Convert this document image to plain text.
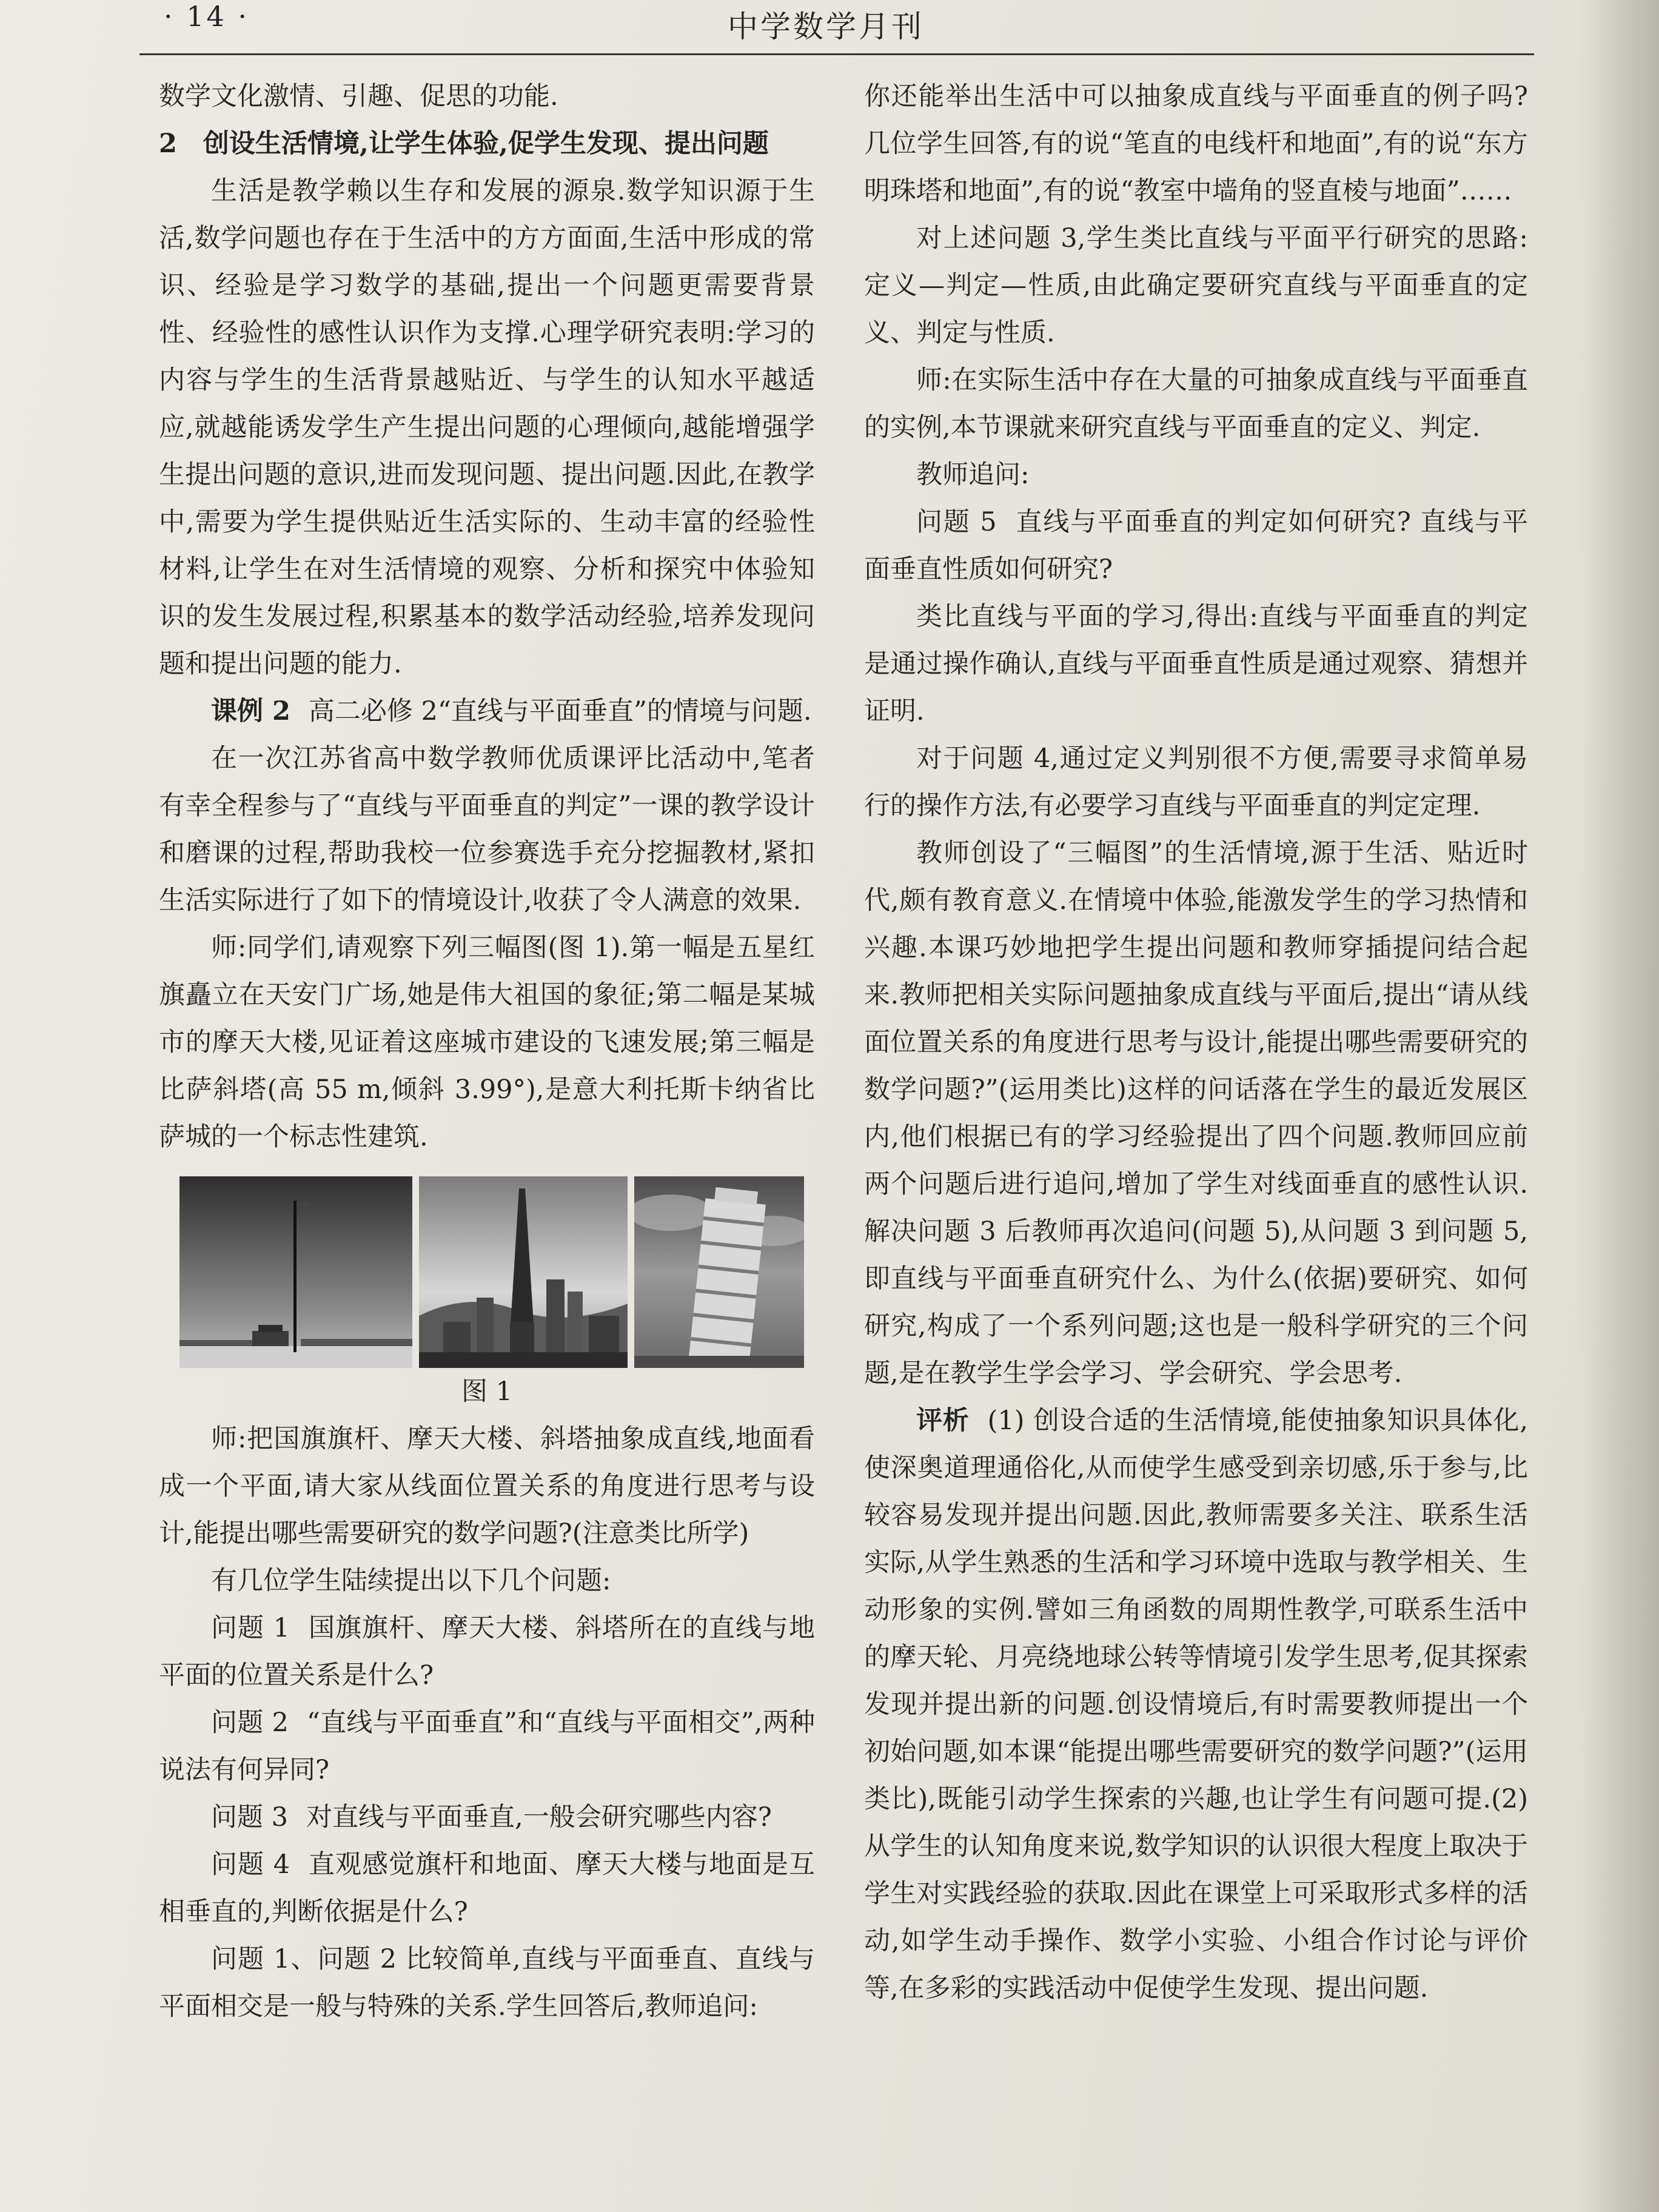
· 14 ·	中学数学月刊

数学文化激情、引趣、促思的功能.

2　创设生活情境,让学生体验,促学生发现、提出问题

生活是教学赖以生存和发展的源泉.数学知识源于生活,数学问题也存在于生活中的方方面面,生活中形成的常识、经验是学习数学的基础,提出一个问题更需要背景性、经验性的感性认识作为支撑.心理学研究表明:学习的内容与学生的生活背景越贴近、与学生的认知水平越适应,就越能诱发学生产生提出问题的心理倾向,越能增强学生提出问题的意识,进而发现问题、提出问题.因此,在教学中,需要为学生提供贴近生活实际的、生动丰富的经验性材料,让学生在对生活情境的观察、分析和探究中体验知识的发生发展过程,积累基本的数学活动经验,培养发现问题和提出问题的能力.

课例 2 高二必修 2“直线与平面垂直”的情境与问题.

在一次江苏省高中数学教师优质课评比活动中,笔者有幸全程参与了“直线与平面垂直的判定”一课的教学设计和磨课的过程,帮助我校一位参赛选手充分挖掘教材,紧扣生活实际进行了如下的情境设计,收获了令人满意的效果.

师:同学们,请观察下列三幅图(图 1).第一幅是五星红旗矗立在天安门广场,她是伟大祖国的象征;第二幅是某城市的摩天大楼,见证着这座城市建设的飞速发展;第三幅是比萨斜塔(高 55 m,倾斜 3.99°),是意大利托斯卡纳省比萨城的一个标志性建筑.

图 1

师:把国旗旗杆、摩天大楼、斜塔抽象成直线,地面看成一个平面,请大家从线面位置关系的角度进行思考与设计,能提出哪些需要研究的数学问题?(注意类比所学)

有几位学生陆续提出以下几个问题:

问题 1 国旗旗杆、摩天大楼、斜塔所在的直线与地平面的位置关系是什么?

问题 2 “直线与平面垂直”和“直线与平面相交”,两种说法有何异同?

问题 3 对直线与平面垂直,一般会研究哪些内容?

问题 4 直观感觉旗杆和地面、摩天大楼与地面是互相垂直的,判断依据是什么?

问题 1、问题 2 比较简单,直线与平面垂直、直线与平面相交是一般与特殊的关系.学生回答后,教师追问:

你还能举出生活中可以抽象成直线与平面垂直的例子吗? 几位学生回答,有的说“笔直的电线杆和地面”,有的说“东方明珠塔和地面”,有的说“教室中墙角的竖直棱与地面”……

对上述问题 3,学生类比直线与平面平行研究的思路:定义—判定—性质,由此确定要研究直线与平面垂直的定义、判定与性质.

师:在实际生活中存在大量的可抽象成直线与平面垂直的实例,本节课就来研究直线与平面垂直的定义、判定.

教师追问:

问题 5 直线与平面垂直的判定如何研究? 直线与平面垂直性质如何研究?

类比直线与平面的学习,得出:直线与平面垂直的判定是通过操作确认,直线与平面垂直性质是通过观察、猜想并证明.

对于问题 4,通过定义判别很不方便,需要寻求简单易行的操作方法,有必要学习直线与平面垂直的判定定理.

教师创设了“三幅图”的生活情境,源于生活、贴近时代,颇有教育意义.在情境中体验,能激发学生的学习热情和兴趣.本课巧妙地把学生提出问题和教师穿插提问结合起来.教师把相关实际问题抽象成直线与平面后,提出“请从线面位置关系的角度进行思考与设计,能提出哪些需要研究的数学问题?”(运用类比)这样的问话落在学生的最近发展区内,他们根据已有的学习经验提出了四个问题.教师回应前两个问题后进行追问,增加了学生对线面垂直的感性认识.解决问题 3 后教师再次追问(问题 5),从问题 3 到问题 5,即直线与平面垂直研究什么、为什么(依据)要研究、如何研究,构成了一个系列问题;这也是一般科学研究的三个问题,是在教学生学会学习、学会研究、学会思考.

评析 (1) 创设合适的生活情境,能使抽象知识具体化,使深奥道理通俗化,从而使学生感受到亲切感,乐于参与,比较容易发现并提出问题.因此,教师需要多关注、联系生活实际,从学生熟悉的生活和学习环境中选取与教学相关、生动形象的实例.譬如三角函数的周期性教学,可联系生活中的摩天轮、月亮绕地球公转等情境引发学生思考,促其探索发现并提出新的问题.创设情境后,有时需要教师提出一个初始问题,如本课“能提出哪些需要研究的数学问题?”(运用类比),既能引动学生探索的兴趣,也让学生有问题可提.(2) 从学生的认知角度来说,数学知识的认识很大程度上取决于学生对实践经验的获取.因此在课堂上可采取形式多样的活动,如学生动手操作、数学小实验、小组合作讨论与评价等,在多彩的实践活动中促使学生发现、提出问题.
